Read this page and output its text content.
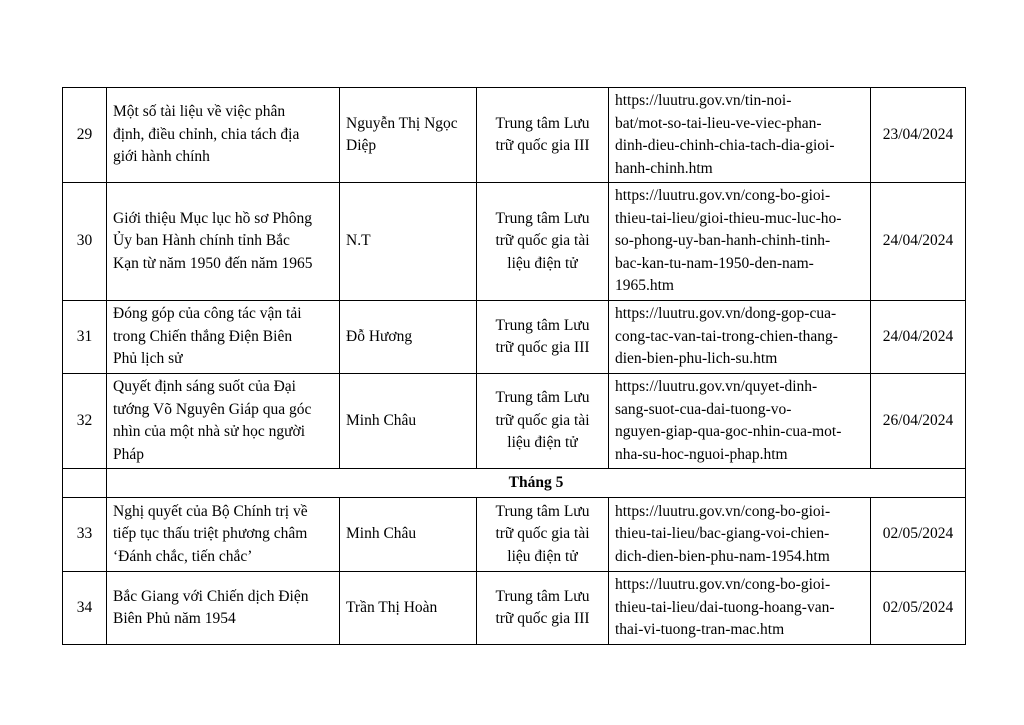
29	Một số tài liệu về việc phân
định, điều chỉnh, chia tách địa
giới hành chính	Nguyễn Thị Ngọc
Diệp	Trung tâm Lưu
trữ quốc gia III	https://luutru.gov.vn/tin-noi-
bat/mot-so-tai-lieu-ve-viec-phan-
dinh-dieu-chinh-chia-tach-dia-gioi-
hanh-chinh.htm	23/04/2024
30	Giới thiệu Mục lục hồ sơ Phông
Ủy ban Hành chính tỉnh Bắc
Kạn từ năm 1950 đến năm 1965	N.T	Trung tâm Lưu
trữ quốc gia tài
liệu điện tử	https://luutru.gov.vn/cong-bo-gioi-
thieu-tai-lieu/gioi-thieu-muc-luc-ho-
so-phong-uy-ban-hanh-chinh-tinh-
bac-kan-tu-nam-1950-den-nam-
1965.htm	24/04/2024
31	Đóng góp của công tác vận tải
trong Chiến thắng Điện Biên
Phủ lịch sử	Đỗ Hương	Trung tâm Lưu
trữ quốc gia III	https://luutru.gov.vn/dong-gop-cua-
cong-tac-van-tai-trong-chien-thang-
dien-bien-phu-lich-su.htm	24/04/2024
32	Quyết định sáng suốt của Đại
tướng Võ Nguyên Giáp qua góc
nhìn của một nhà sử học người
Pháp	Minh Châu	Trung tâm Lưu
trữ quốc gia tài
liệu điện tử	https://luutru.gov.vn/quyet-dinh-
sang-suot-cua-dai-tuong-vo-
nguyen-giap-qua-goc-nhin-cua-mot-
nha-su-hoc-nguoi-phap.htm	26/04/2024
	Tháng 5				
33	Nghị quyết của Bộ Chính trị về
tiếp tục thấu triệt phương châm
‘Đánh chắc, tiến chắc’	Minh Châu	Trung tâm Lưu
trữ quốc gia tài
liệu điện tử	https://luutru.gov.vn/cong-bo-gioi-
thieu-tai-lieu/bac-giang-voi-chien-
dich-dien-bien-phu-nam-1954.htm	02/05/2024
34	Bắc Giang với Chiến dịch Điện
Biên Phủ năm 1954	Trần Thị Hoàn	Trung tâm Lưu
trữ quốc gia III	https://luutru.gov.vn/cong-bo-gioi-
thieu-tai-lieu/dai-tuong-hoang-van-
thai-vi-tuong-tran-mac.htm	02/05/2024
